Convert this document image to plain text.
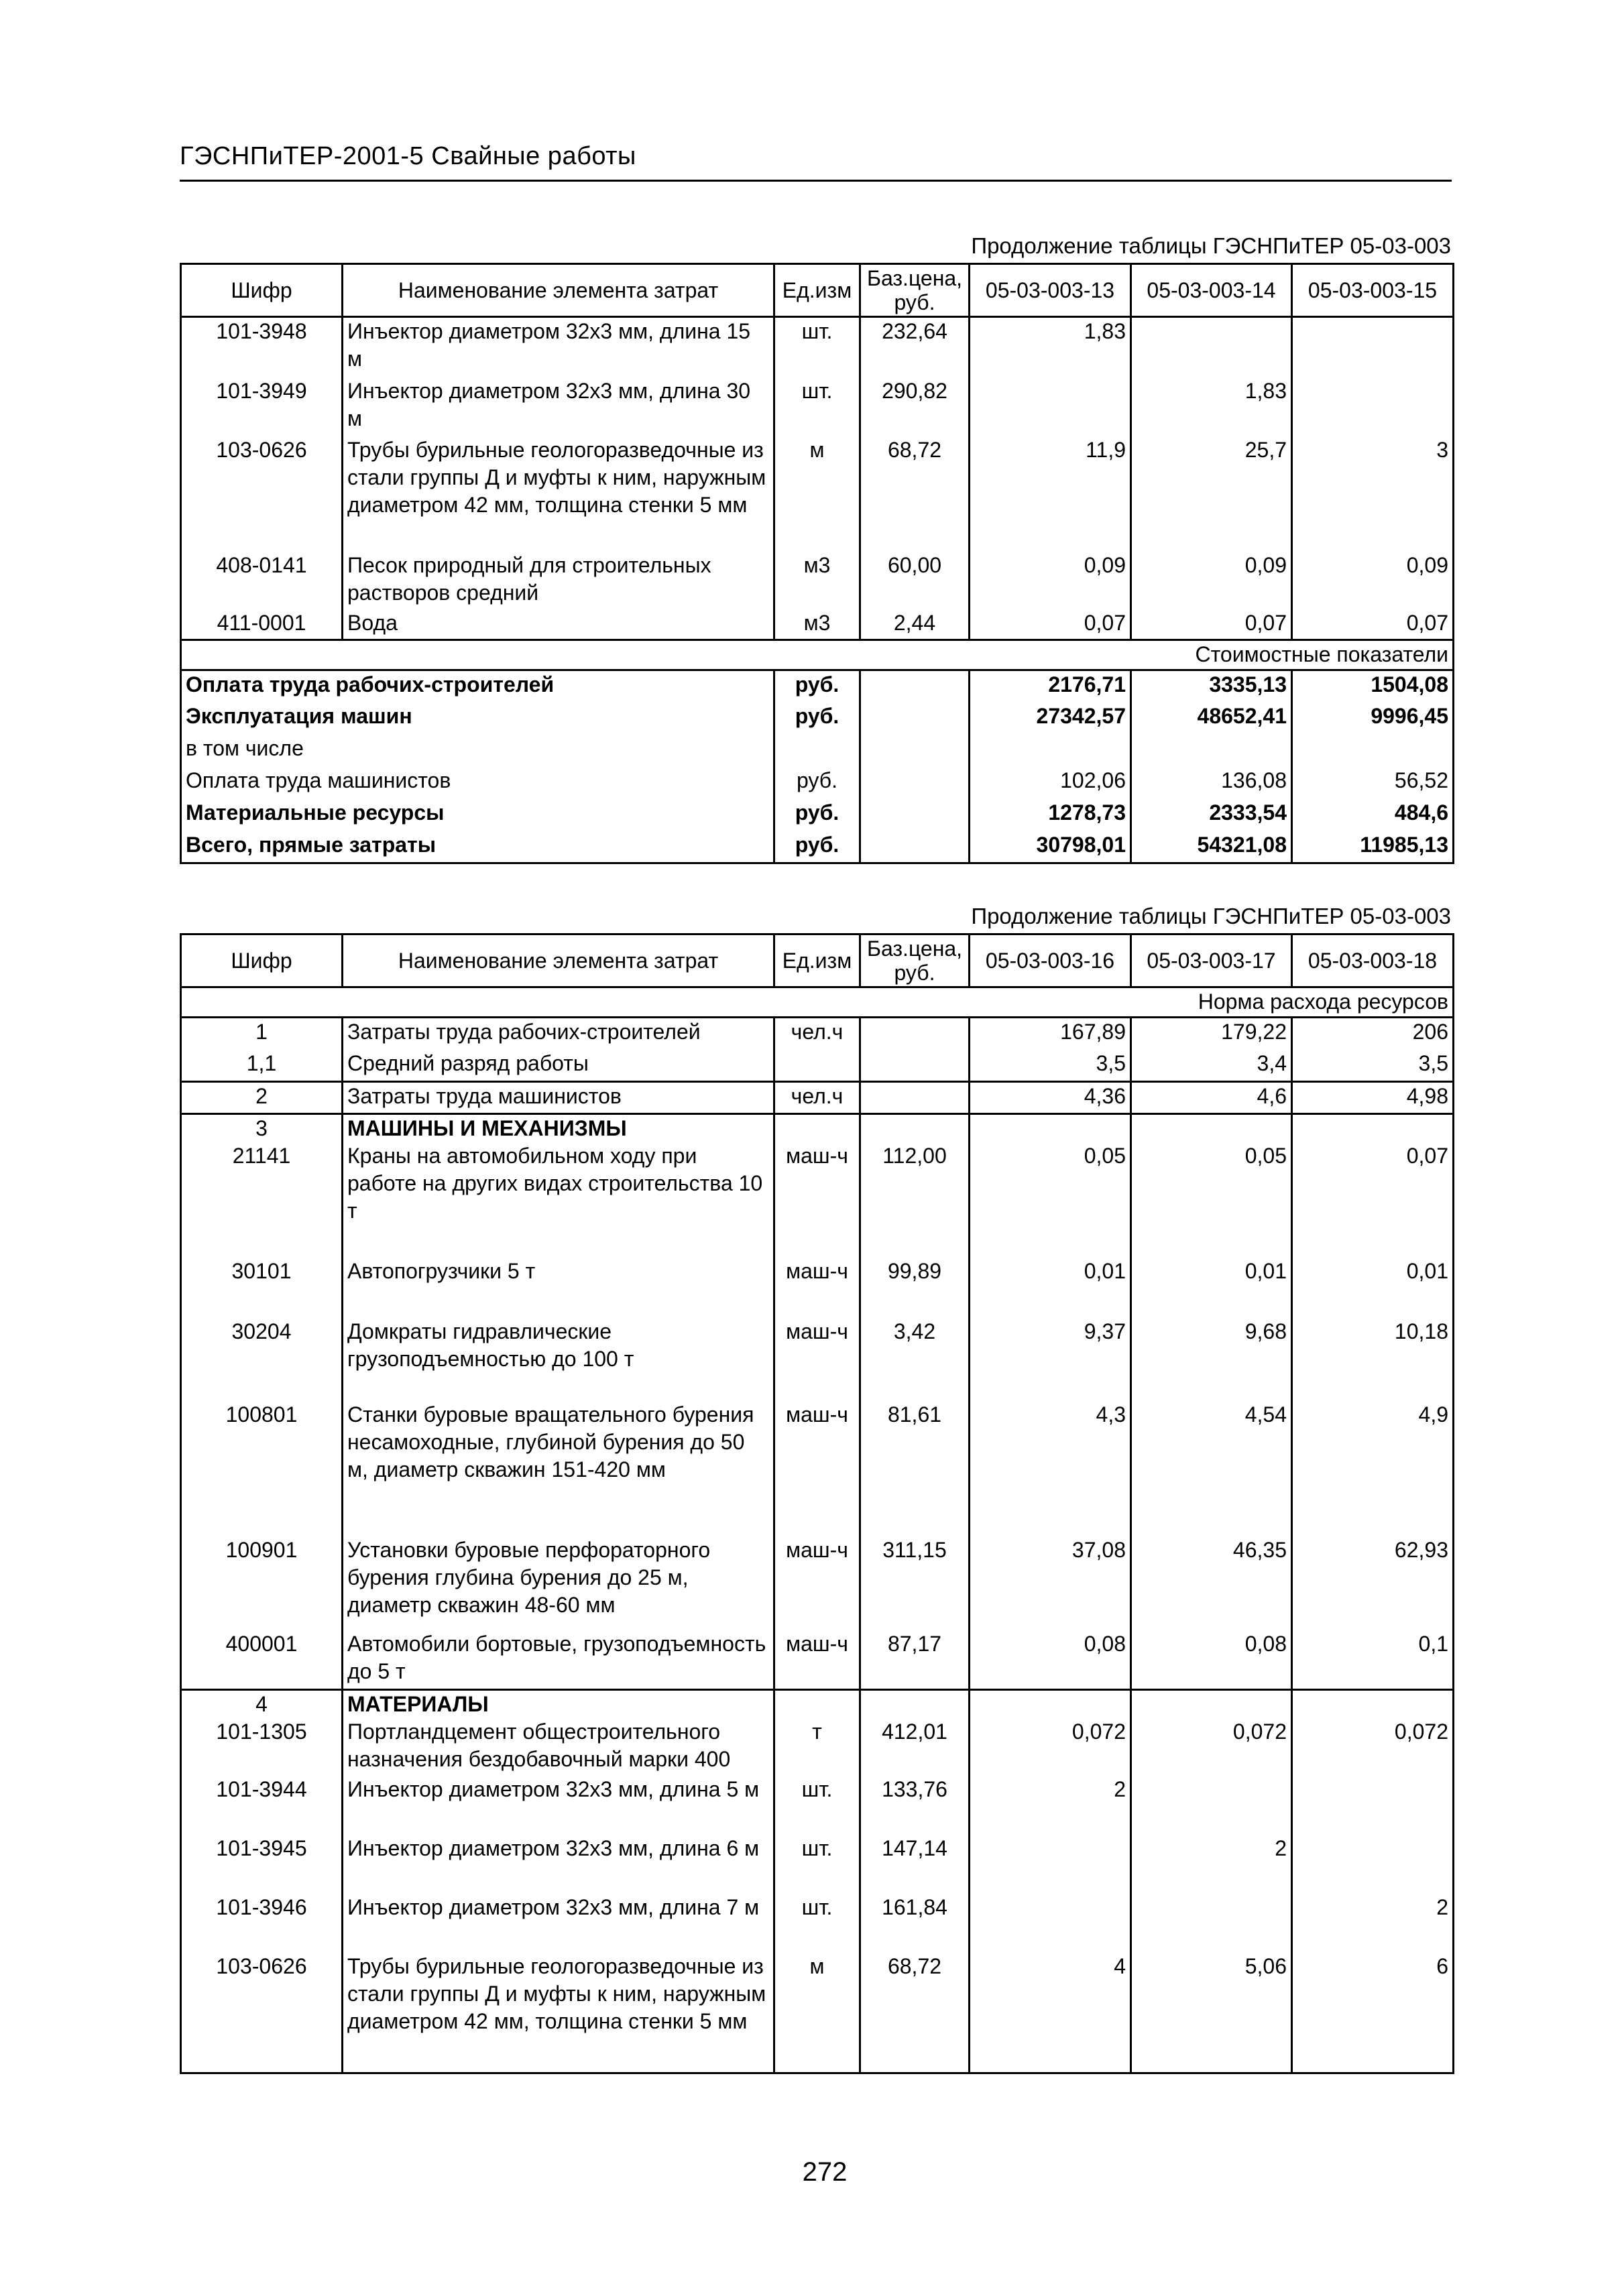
ГЭСНПиТЕР-2001-5 Свайные работы
Продолжение таблицы ГЭСНПиТЕР 05-03-003
Шифр	Наименование элемента затрат	Ед.изм	Баз.цена, руб.	05-03-003-13	05-03-003-14	05-03-003-15
101-3948	Инъектор диаметром 32х3 мм, длина 15 м	шт.	232,64	1,83		
101-3949	Инъектор диаметром 32х3 мм, длина 30 м	шт.	290,82		1,83	
103-0626	Трубы бурильные геологоразведочные из стали группы Д и муфты к ним, наружным диаметром 42 мм, толщина стенки 5 мм	м	68,72	11,9	25,7	3
408-0141	Песок природный для строительных растворов средний	м3	60,00	0,09	0,09	0,09
411-0001	Вода	м3	2,44	0,07	0,07	0,07
Стоимостные показатели						
Оплата труда рабочих-строителей		руб.		2176,71	3335,13	1504,08
Эксплуатация машин		руб.		27342,57	48652,41	9996,45
в том числе						
Оплата труда машинистов		руб.		102,06	136,08	56,52
Материальные ресурсы		руб.		1278,73	2333,54	484,6
Всего, прямые затраты		руб.		30798,01	54321,08	11985,13
Продолжение таблицы ГЭСНПиТЕР 05-03-003
Шифр	Наименование элемента затрат	Ед.изм	Баз.цена, руб.	05-03-003-16	05-03-003-17	05-03-003-18
Норма расхода ресурсов						
1	Затраты труда рабочих-строителей	чел.ч		167,89	179,22	206
1,1	Средний разряд работы			3,5	3,4	3,5
2	Затраты труда машинистов	чел.ч		4,36	4,6	4,98
3	МАШИНЫ И МЕХАНИЗМЫ					
21141	Краны на автомобильном ходу при работе на других видах строительства 10 т	маш-ч	112,00	0,05	0,05	0,07
30101	Автопогрузчики 5 т	маш-ч	99,89	0,01	0,01	0,01
30204	Домкраты гидравлические грузоподъемностью до 100 т	маш-ч	3,42	9,37	9,68	10,18
100801	Станки буровые вращательного бурения несамоходные, глубиной бурения до 50 м, диаметр скважин 151-420 мм	маш-ч	81,61	4,3	4,54	4,9
100901	Установки буровые перфораторного бурения глубина бурения до 25 м, диаметр скважин 48-60 мм	маш-ч	311,15	37,08	46,35	62,93
400001	Автомобили бортовые, грузоподъемность до 5 т	маш-ч	87,17	0,08	0,08	0,1
4	МАТЕРИАЛЫ					
101-1305	Портландцемент общестроительного назначения бездобавочный марки 400	т	412,01	0,072	0,072	0,072
101-3944	Инъектор диаметром 32х3 мм, длина 5 м	шт.	133,76	2		
101-3945	Инъектор диаметром 32х3 мм, длина 6 м	шт.	147,14		2	
101-3946	Инъектор диаметром 32х3 мм, длина 7 м	шт.	161,84			2
103-0626	Трубы бурильные геологоразведочные из стали группы Д и муфты к ним, наружным диаметром 42 мм, толщина стенки 5 мм	м	68,72	4	5,06	6
272
